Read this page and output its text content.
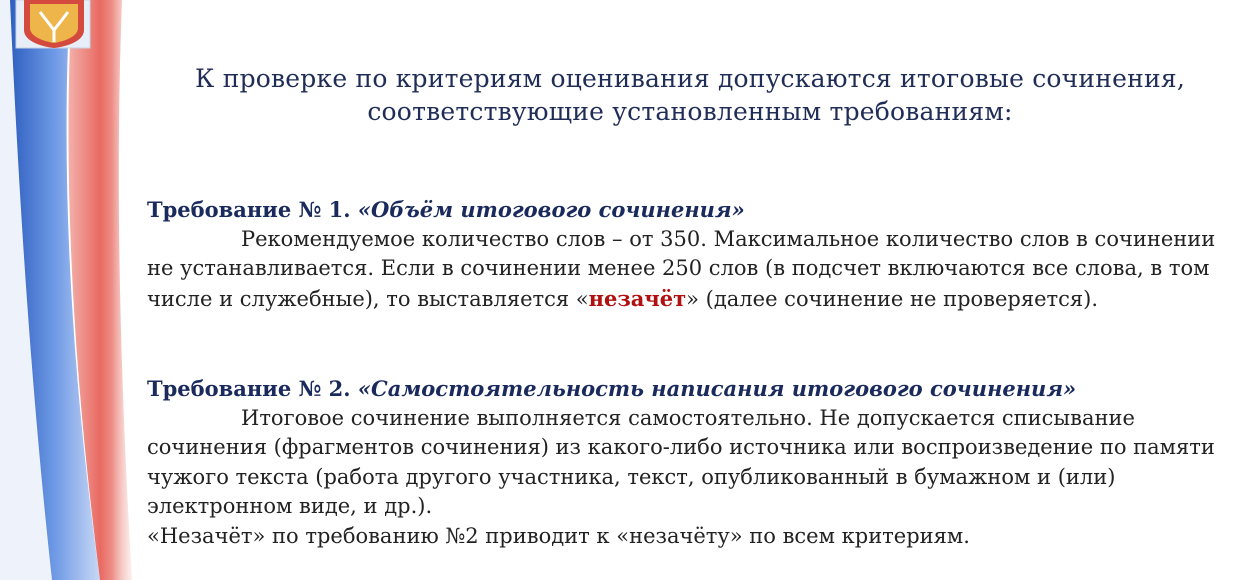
К проверке по критериям оценивания допускаются итоговые сочинения,
соответствующие установленным требованиям:
Требование № 1. «Объём итогового сочинения»
Рекомендуемое количество слов – от 350. Максимальное количество слов в сочинении не устанавливается. Если в сочинении менее 250 слов (в подсчет включаются все слова, в том числе и служебные), то выставляется «незачёт» (далее сочинение не проверяется).
Требование № 2. «Самостоятельность написания итогового сочинения»
Итоговое сочинение выполняется самостоятельно. Не допускается списывание сочинения (фрагментов сочинения) из какого-либо источника или воспроизведение по памяти чужого текста (работа другого участника, текст, опубликованный в бумажном и (или) электронном виде, и др.).
«Незачёт» по требованию №2 приводит к «незачёту» по всем критериям.
